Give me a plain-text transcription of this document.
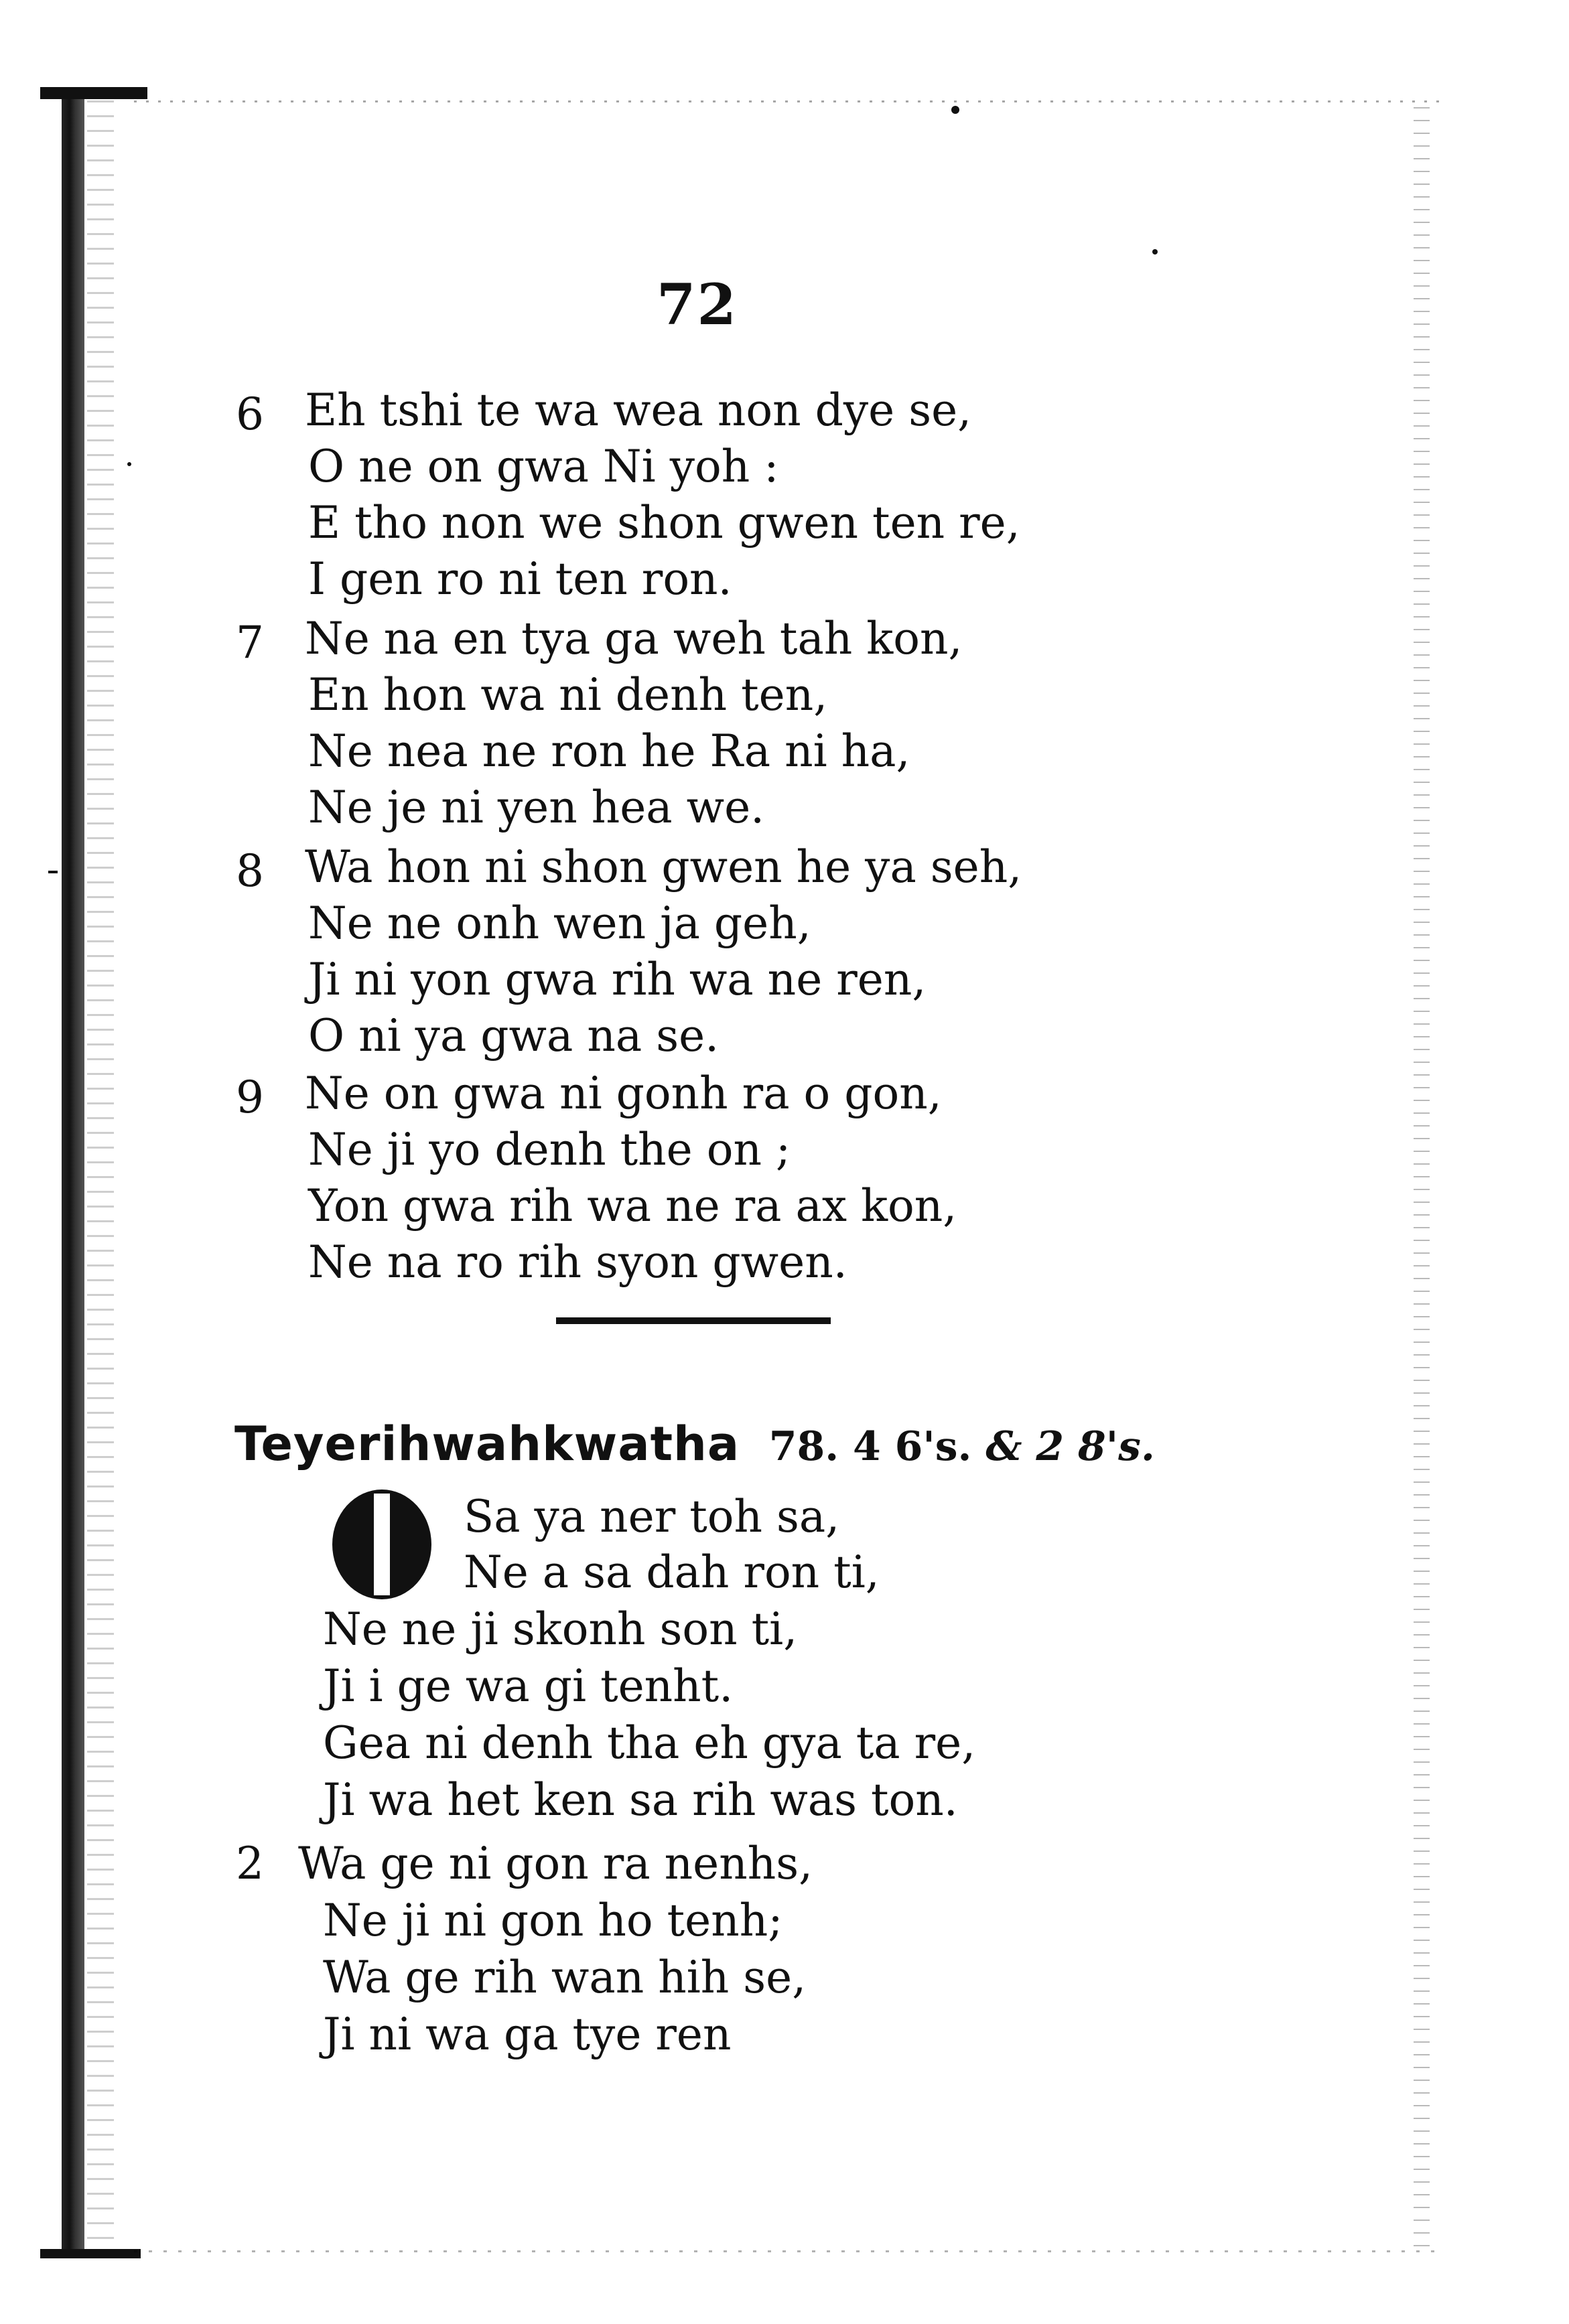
72
6 Eh tshi te wa wea non dye se,
O ne on gwa Ni yoh :
E tho non we shon gwen ten re,
I gen ro ni ten ron.
7 Ne na en tya ga weh tah kon,
En hon wa ni denh ten,
Ne nea ne ron he Ra ni ha,
Ne je ni yen hea we.
8 Wa hon ni shon gwen he ya seh,
Ne ne onh wen ja geh,
Ji ni yon gwa rih wa ne ren,
O ni ya gwa na se.
9 Ne on gwa ni gonh ra o gon,
Ne ji yo denh the on ;
Yon gwa rih wa ne ra ax kon,
Ne na ro rih syon gwen.
Teyerihwahkwatha 78. 4 6's. & 2 8's.
Sa ya ner toh sa,
Ne a sa dah ron ti,
Ne ne ji skonh son ti,
Ji i ge wa gi tenht.
Gea ni denh tha eh gya ta re,
Ji wa het ken sa rih was ton.
2 Wa ge ni gon ra nenhs,
Ne ji ni gon ho tenh;
Wa ge rih wan hih se,
Ji ni wa ga tye ren
